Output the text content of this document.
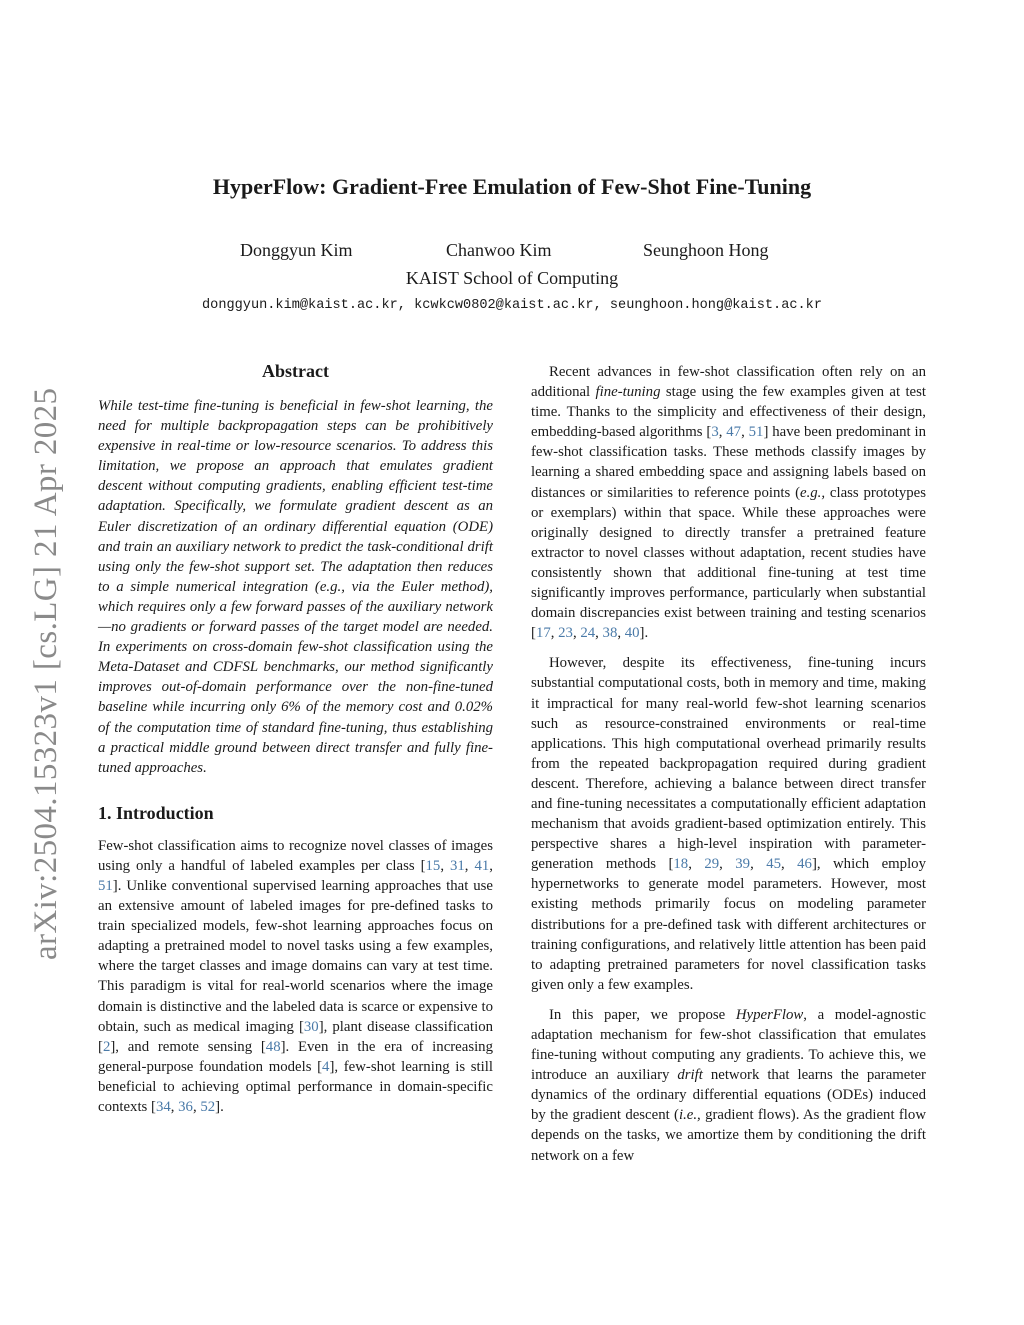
HyperFlow: Gradient-Free Emulation of Few-Shot Fine-Tuning
Donggyun Kim	Chanwoo Kim	Seunghoon Hong
KAIST School of Computing
donggyun.kim@kaist.ac.kr, kcwkcw0802@kaist.ac.kr, seunghoon.hong@kaist.ac.kr
arXiv:2504.15323v1 [cs.LG] 21 Apr 2025
Abstract

While test-time fine-tuning is beneficial in few-shot learning, the need for multiple backpropagation steps can be prohibitively expensive in real-time or low-resource scenarios. To address this limitation, we propose an approach that emulates gradient descent without computing gradients, enabling efficient test-time adaptation. Specifically, we formulate gradient descent as an Euler discretization of an ordinary differential equation (ODE) and train an auxiliary network to predict the task-conditional drift using only the few-shot support set. The adaptation then reduces to a simple numerical integration (e.g., via the Euler method), which requires only a few forward passes of the auxiliary network—no gradients or forward passes of the target model are needed. In experiments on cross-domain few-shot classification using the Meta-Dataset and CDFSL benchmarks, our method significantly improves out-of-domain performance over the non-fine-tuned baseline while incurring only 6% of the memory cost and 0.02% of the computation time of standard fine-tuning, thus establishing a practical middle ground between direct transfer and fully fine-tuned approaches.

1. Introduction

Few-shot classification aims to recognize novel classes of images using only a handful of labeled examples per class [15, 31, 41, 51]. Unlike conventional supervised learning approaches that use an extensive amount of labeled images for pre-defined tasks to train specialized models, few-shot learning approaches focus on adapting a pretrained model to novel tasks using a few examples, where the target classes and image domains can vary at test time. This paradigm is vital for real-world scenarios where the image domain is distinctive and the labeled data is scarce or expensive to obtain, such as medical imaging [30], plant disease classification [2], and remote sensing [48]. Even in the era of increasing general-purpose foundation models [4], few-shot learning is still beneficial to achieving optimal performance in domain-specific contexts [34, 36, 52].

Recent advances in few-shot classification often rely on an additional fine-tuning stage using the few examples given at test time. Thanks to the simplicity and effectiveness of their design, embedding-based algorithms [3, 47, 51] have been predominant in few-shot classification tasks. These methods classify images by learning a shared embedding space and assigning labels based on distances or similarities to reference points (e.g., class prototypes or exemplars) within that space. While these approaches were originally designed to directly transfer a pretrained feature extractor to novel classes without adaptation, recent studies have consistently shown that additional fine-tuning at test time significantly improves performance, particularly when substantial domain discrepancies exist between training and testing scenarios [17, 23, 24, 38, 40].

However, despite its effectiveness, fine-tuning incurs substantial computational costs, both in memory and time, making it impractical for many real-world few-shot learning scenarios such as resource-constrained environments or real-time applications. This high computational overhead primarily results from the repeated backpropagation required during gradient descent. Therefore, achieving a balance between direct transfer and fine-tuning necessitates a computationally efficient adaptation mechanism that avoids gradient-based optimization entirely. This perspective shares a high-level inspiration with parameter-generation methods [18, 29, 39, 45, 46], which employ hypernetworks to generate model parameters. However, most existing methods primarily focus on modeling parameter distributions for a pre-defined task with different architectures or training configurations, and relatively little attention has been paid to adapting pretrained parameters for novel classification tasks given only a few examples.

In this paper, we propose HyperFlow, a model-agnostic adaptation mechanism for few-shot classification that emulates fine-tuning without computing any gradients. To achieve this, we introduce an auxiliary drift network that learns the parameter dynamics of the ordinary differential equations (ODEs) induced by the gradient descent (i.e., gradient flows). As the gradient flow depends on the tasks, we amortize them by conditioning the drift network on a few
